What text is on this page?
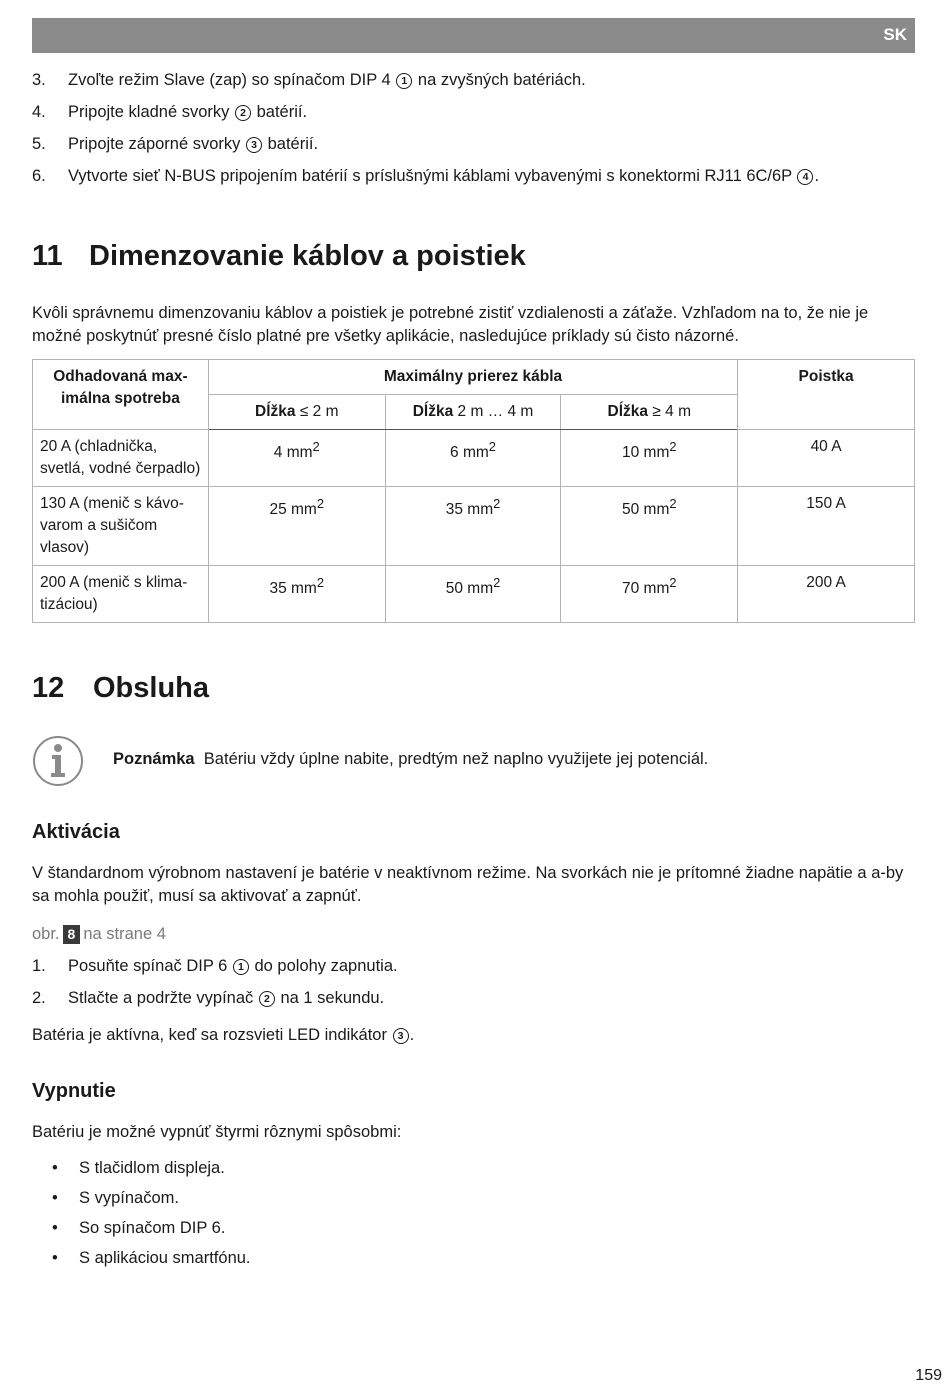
SK
3. Zvoľte režim Slave (zap) so spínačom DIP 4 1 na zvyšných batériách.
4. Pripojte kladné svorky 2 batérií.
5. Pripojte záporné svorky 3 batérií.
6. Vytvorte sieť N-BUS pripojením batérií s príslušnými káblami vybavenými s konektormi RJ11 6C/6P 4 .
11 Dimenzovanie káblov a poistiek

Kvôli správnemu dimenzovaniu káblov a poistiek je potrebné zistiť vzdialenosti a záťaže. Vzhľadom na to, že nie je možné poskytnúť presné číslo platné pre všetky aplikácie, nasledujúce príklady sú čisto názorné.

Odhadovaná max-imálna spotreba	Maximálny prierez kábla			Poistka
	Dĺžka ≤ 2 m	Dĺžka 2 m … 4 m	Dĺžka ≥ 4 m	
20 A (chladnička, svetlá, vodné čerpadlo)	4 $mm^2$	6 $mm^2$	10 $mm^2$	40 A
130 A (menič s kávo-varom a sušičom vlasov)	25 $mm^2$	35 $mm^2$	50 $mm^2$	150 A
200 A (menič s klima-tizáciou)	35 $mm^2$	50 $mm^2$	70 $mm^2$	200 A
12 Obsluha
Poznámka Batériu vždy úplne nabite, predtým než naplno využijete jej potenciál.
Aktivácia

V štandardnom výrobnom nastavení je batérie v neaktívnom režime. Na svorkách nie je prítomné žiadne napätie a a-by sa mohla použiť, musí sa aktivovať a zapnúť.

obr. 8 na strane 4
1. Posuňte spínač DIP 6 1 do polohy zapnutia.
2. Stlačte a podržte vypínač 2 na 1 sekundu.
Batéria je aktívna, keď sa rozsvieti LED indikátor 3 .
Vypnutie

Batériu je možné vypnúť štyrmi rôznymi spôsobmi:

• S tlačidlom displeja.
• S vypínačom.
• So spínačom DIP 6.
• S aplikáciou smartfónu.
159
